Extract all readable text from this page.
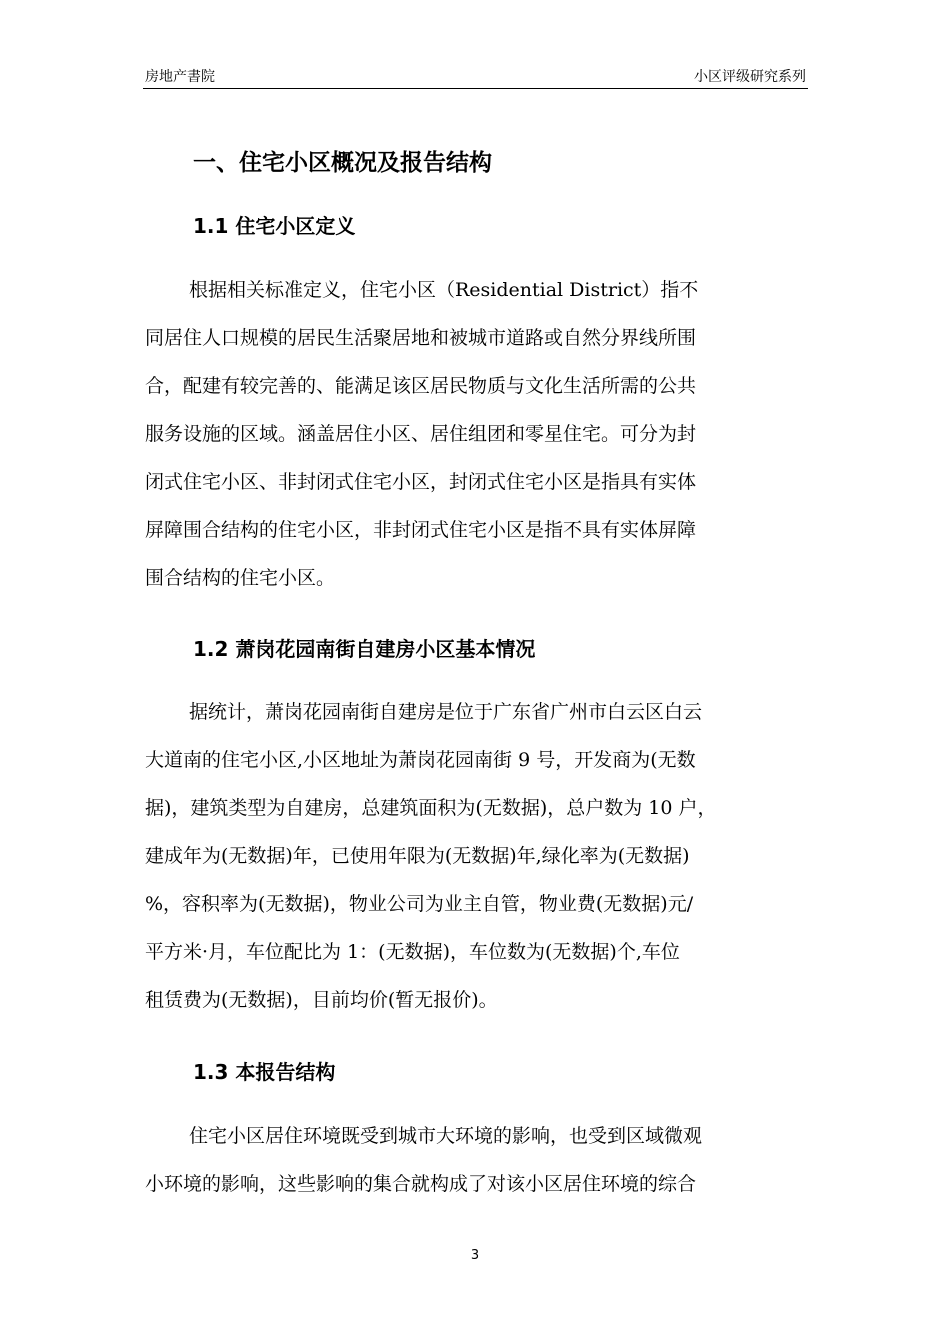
房地产書院	小区评级研究系列
一、住宅小区概况及报告结构
1.1 住宅小区定义
根据相关标准定义，住宅小区（Residential District）指不
同居住人口规模的居民生活聚居地和被城市道路或自然分界线所围
合，配建有较完善的、能满足该区居民物质与文化生活所需的公共
服务设施的区域。涵盖居住小区、居住组团和零星住宅。可分为封
闭式住宅小区、非封闭式住宅小区，封闭式住宅小区是指具有实体
屏障围合结构的住宅小区，非封闭式住宅小区是指不具有实体屏障
围合结构的住宅小区。
1.2 萧岗花园南街自建房小区基本情况
据统计，萧岗花园南街自建房是位于广东省广州市白云区白云
大道南的住宅小区,小区地址为萧岗花园南街 9 号，开发商为(无数
据)，建筑类型为自建房，总建筑面积为(无数据)，总户数为 10 户，
建成年为(无数据)年，已使用年限为(无数据)年,绿化率为(无数据)
%，容积率为(无数据)，物业公司为业主自管，物业费(无数据)元/
平方米·月，车位配比为 1：(无数据)，车位数为(无数据)个,车位
租赁费为(无数据)，目前均价(暂无报价)。
1.3 本报告结构
住宅小区居住环境既受到城市大环境的影响，也受到区域微观
小环境的影响，这些影响的集合就构成了对该小区居住环境的综合
3
